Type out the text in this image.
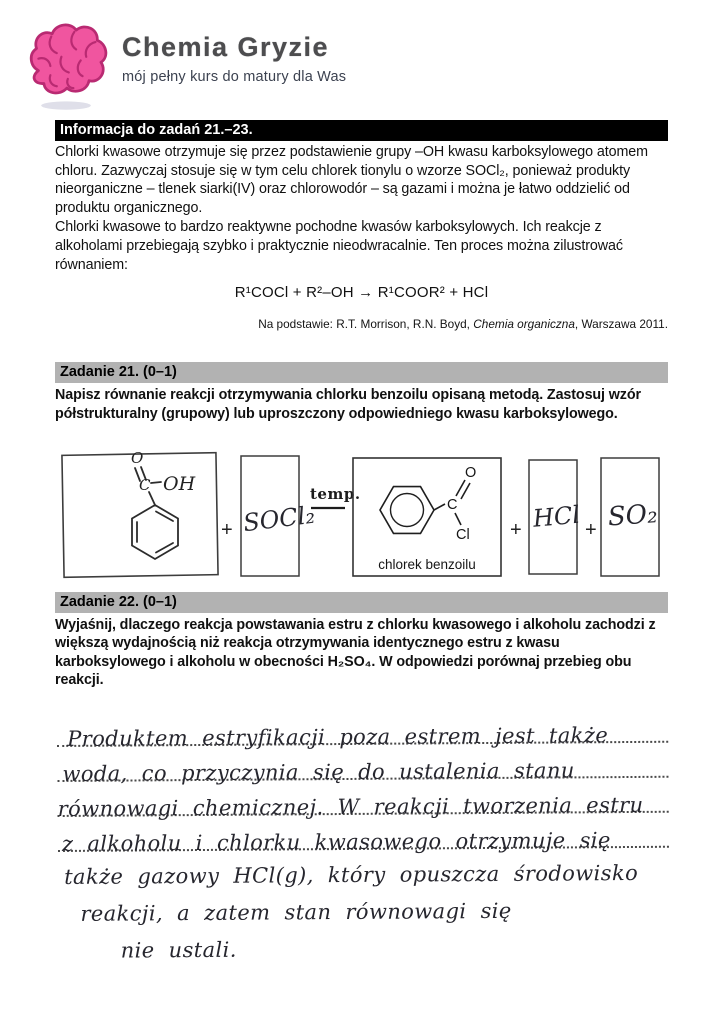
Chemia Gryzie
mój pełny kurs do matury dla Was
Informacja do zadań 21.–23.

Chlorki kwasowe otrzymuje się przez podstawienie grupy –OH kwasu karboksylowego atomem chloru. Zazwyczaj stosuje się w tym celu chlorek tionylu o wzorze SOCl₂, ponieważ produkty nieorganiczne – tlenek siarki(IV) oraz chlorowodór – są gazami i można je łatwo oddzielić od produktu organicznego.

Chlorki kwasowe to bardzo reaktywne pochodne kwasów karboksylowych. Ich reakcje z alkoholami przebiegają szybko i praktycznie nieodwracalnie. Ten proces można zilustrować równaniem:

R¹COCl + R²–OH → R¹COOR² + HCl
Na podstawie: R.T. Morrison, R.N. Boyd, Chemia organiczna, Warszawa 2011.
Zadanie 21. (0–1)

Napisz równanie reakcji otrzymywania chlorku benzoilu opisaną metodą. Zastosuj wzór półstrukturalny (grupowy) lub uproszczony odpowiedniego kwasu karboksylowego.

O
C OH
+ SOCl₂
temp.
C
O
Cl
chlorek benzoilu
+ HCl + SO₂
Zadanie 22. (0–1)

Wyjaśnij, dlaczego reakcja powstawania estru z chlorku kwasowego i alkoholu zachodzi z większą wydajnością niż reakcja otrzymywania identycznego estru z kwasu karboksylowego i alkoholu w obecności H₂SO₄. W odpowiedzi porównaj przebieg obu reakcji.

Produktem estryfikacji poza estrem jest także
woda, co przyczynia się do ustalenia stanu
równowagi chemicznej. W reakcji tworzenia estru
z alkoholu i chlorku kwasowego otrzymuje się
także gazowy HCl(g), który opuszcza środowisko
reakcji, a zatem stan równowagi się
nie ustali.
